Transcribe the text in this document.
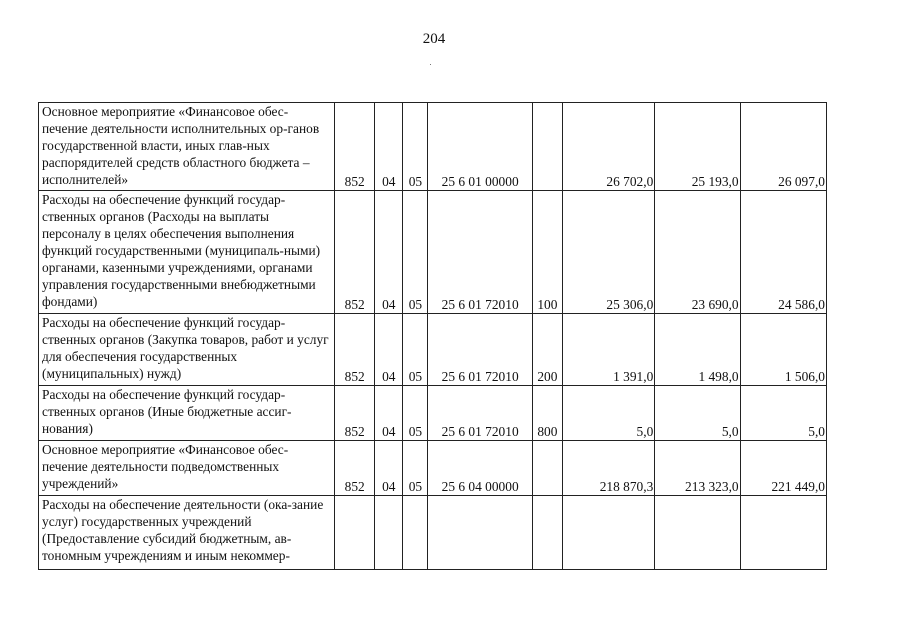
204
Основное мероприятие «Финансовое обес-печение деятельности исполнительных ор-ганов государственной власти, иных глав-ных распорядителей средств областного бюджета – исполнителей»	852	04	05	25 6 01 00000		26 702,0	25 193,0	26 097,0
Расходы на обеспечение функций государ-ственных органов (Расходы на выплаты персоналу в целях обеспечения выполнения функций государственными (муниципаль-ными) органами, казенными учреждениями, органами управления государственными внебюджетными фондами)	852	04	05	25 6 01 72010	100	25 306,0	23 690,0	24 586,0
Расходы на обеспечение функций государ-ственных органов (Закупка товаров, работ и услуг для обеспечения государственных (муниципальных) нужд)	852	04	05	25 6 01 72010	200	1 391,0	1 498,0	1 506,0
Расходы на обеспечение функций государ-ственных органов (Иные бюджетные ассиг-нования)	852	04	05	25 6 01 72010	800	5,0	5,0	5,0
Основное мероприятие «Финансовое обес-печение деятельности подведомственных учреждений»	852	04	05	25 6 04 00000		218 870,3	213 323,0	221 449,0
Расходы на обеспечение деятельности (ока-зание услуг) государственных учреждений (Предоставление субсидий бюджетным, ав-тономным учреждениям и иным некоммер-								
